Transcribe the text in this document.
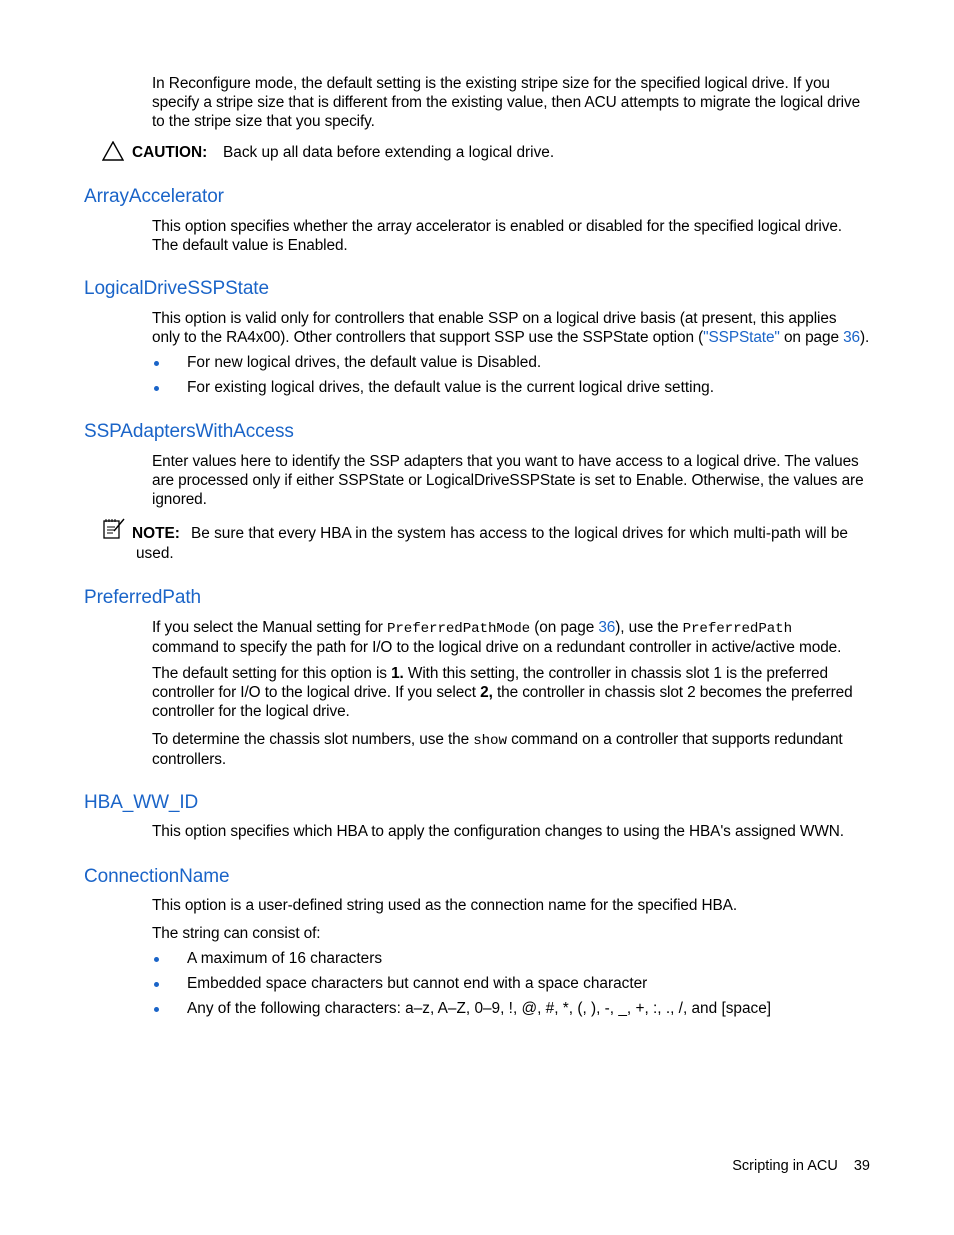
In Reconfigure mode, the default setting is the existing stripe size for the specified logical drive. If you
specify a stripe size that is different from the existing value, then ACU attempts to migrate the logical drive
to the stripe size that you specify.
CAUTION: Back up all data before extending a logical drive.
ArrayAccelerator
This option specifies whether the array accelerator is enabled or disabled for the specified logical drive.
The default value is Enabled.
LogicalDriveSSPState
This option is valid only for controllers that enable SSP on a logical drive basis (at present, this applies
only to the RA4x00). Other controllers that support SSP use the SSPState option ("SSPState" on page 36).
For new logical drives, the default value is Disabled.
For existing logical drives, the default value is the current logical drive setting.
SSPAdaptersWithAccess
Enter values here to identify the SSP adapters that you want to have access to a logical drive. The values
are processed only if either SSPState or LogicalDriveSSPState is set to Enable. Otherwise, the values are
ignored.
NOTE: Be sure that every HBA in the system has access to the logical drives for which multi-path will be
used.
PreferredPath
If you select the Manual setting for PreferredPathMode (on page 36), use the PreferredPath
command to specify the path for I/O to the logical drive on a redundant controller in active/active mode.
The default setting for this option is 1. With this setting, the controller in chassis slot 1 is the preferred
controller for I/O to the logical drive. If you select 2, the controller in chassis slot 2 becomes the preferred
controller for the logical drive.
To determine the chassis slot numbers, use the show command on a controller that supports redundant
controllers.
HBA_WW_ID
This option specifies which HBA to apply the configuration changes to using the HBA's assigned WWN.
ConnectionName
This option is a user-defined string used as the connection name for the specified HBA.
The string can consist of:
A maximum of 16 characters
Embedded space characters but cannot end with a space character
Any of the following characters: a–z, A–Z, 0–9, !, @, #, *, (, ), -, _, +, :, ., /, and [space]
Scripting in ACU 39
